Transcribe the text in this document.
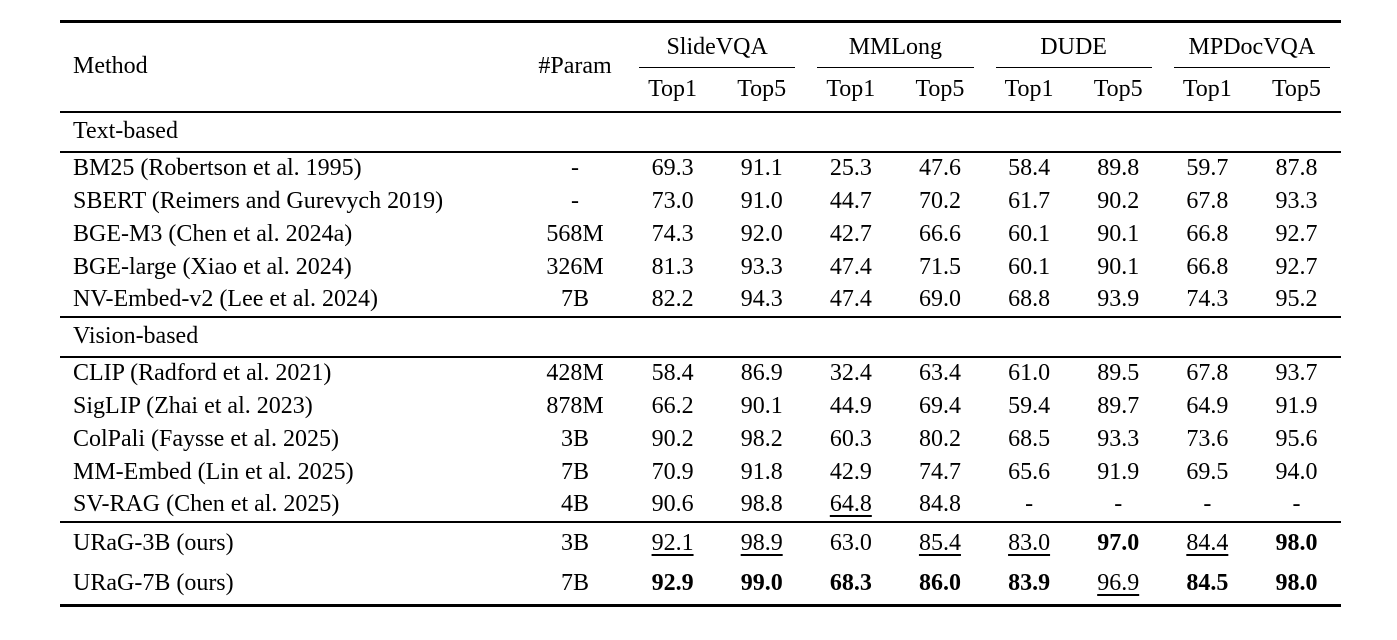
Method	#Param	SlideVQA		MMLong		DUDE		MPDocVQA	

		Top1	Top5	Top1	Top5	Top1	Top5	Top1	Top5
Text-based									
BM25 (Robertson et al. 1995)	-	69.3	91.1	25.3	47.6	58.4	89.8	59.7	87.8
SBERT (Reimers and Gurevych 2019)	-	73.0	91.0	44.7	70.2	61.7	90.2	67.8	93.3
BGE-M3 (Chen et al. 2024a)	568M	74.3	92.0	42.7	66.6	60.1	90.1	66.8	92.7
BGE-large (Xiao et al. 2024)	326M	81.3	93.3	47.4	71.5	60.1	90.1	66.8	92.7
NV-Embed-v2 (Lee et al. 2024)	7B	82.2	94.3	47.4	69.0	68.8	93.9	74.3	95.2
Vision-based									
CLIP (Radford et al. 2021)	428M	58.4	86.9	32.4	63.4	61.0	89.5	67.8	93.7
SigLIP (Zhai et al. 2023)	878M	66.2	90.1	44.9	69.4	59.4	89.7	64.9	91.9
ColPali (Faysse et al. 2025)	3B	90.2	98.2	60.3	80.2	68.5	93.3	73.6	95.6
MM-Embed (Lin et al. 2025)	7B	70.9	91.8	42.9	74.7	65.6	91.9	69.5	94.0
SV-RAG (Chen et al. 2025)	4B	90.6	98.8	64.8	84.8	-	-	-	-
URaG-3B (ours)	3B	92.1	98.9	63.0	85.4	83.0	97.0	84.4	98.0
URaG-7B (ours)	7B	92.9	99.0	68.3	86.0	83.9	96.9	84.5	98.0
